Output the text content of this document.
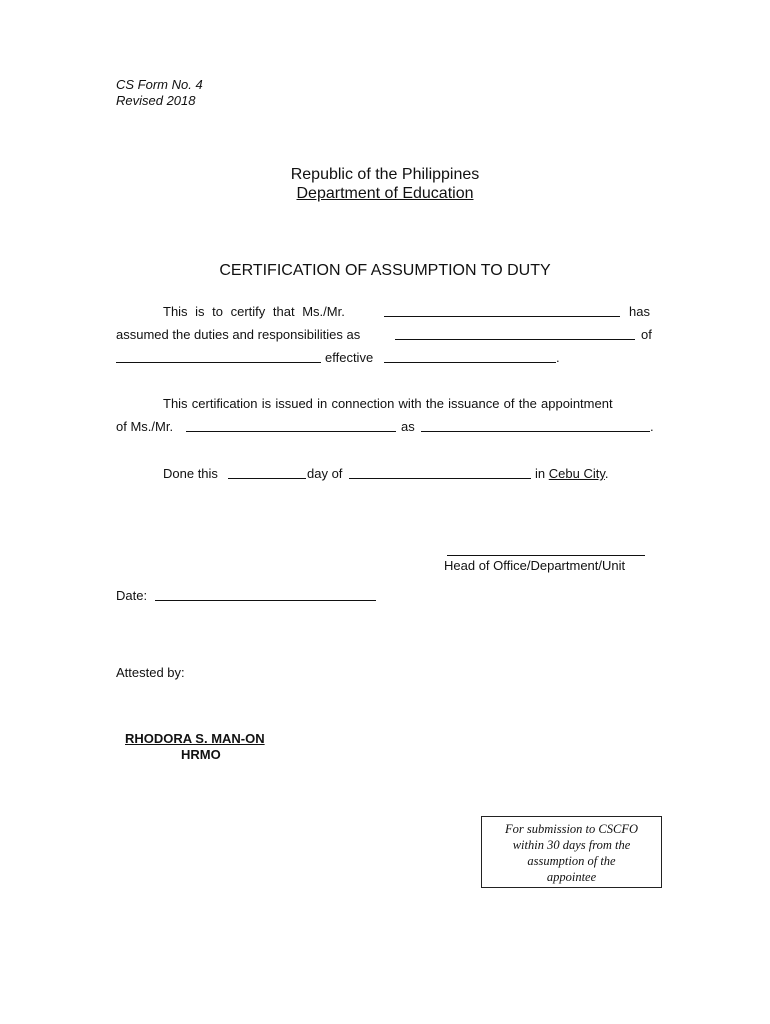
CS Form No. 4
Revised 2018
Republic of the Philippines
Department of Education
CERTIFICATION OF ASSUMPTION TO DUTY
This is to certify that Ms./Mr.	has
assumed the duties and responsibilities as	of
effective	.
This certification is issued in connection with the issuance of the appointment
of Ms./Mr.	as	.
Done this	day of	in Cebu City.
Head of Office/Department/Unit
Date:
Attested by:
RHODORA S. MAN-ON
HRMO
For submission to CSCFO
within 30 days from the
assumption of the
appointee
